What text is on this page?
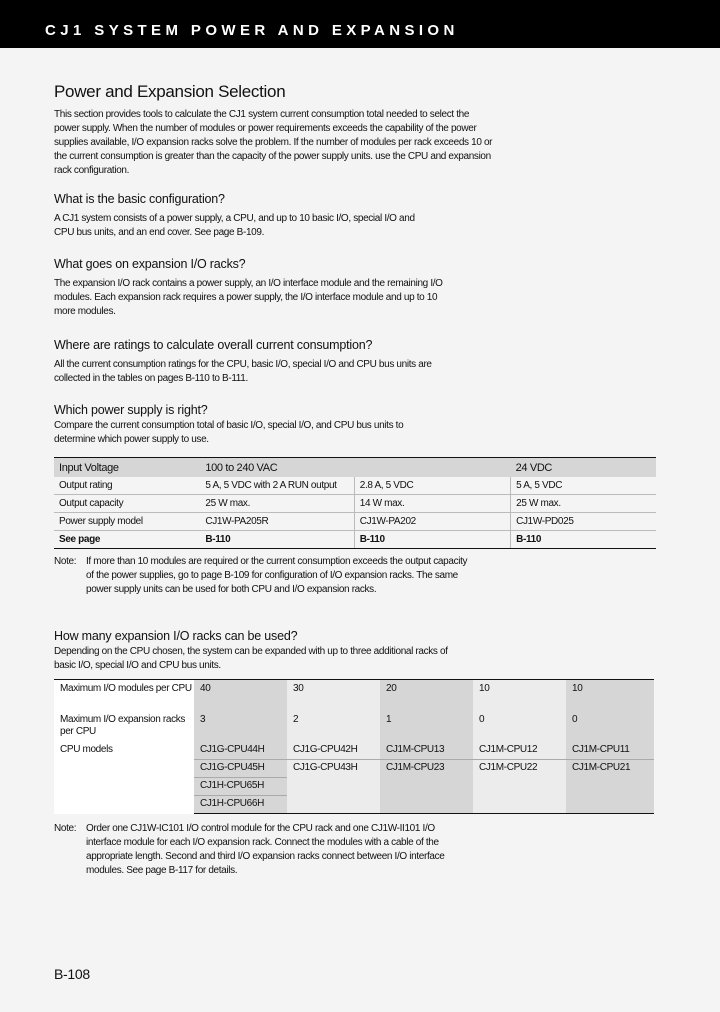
CJ1 SYSTEM POWER AND EXPANSION
Power and Expansion Selection

This section provides tools to calculate the CJ1 system current consumption total needed to select the power supply. When the number of modules or power requirements exceeds the capability of the power supplies available, I/O expansion racks solve the problem. If the number of modules per rack exceeds 10 or the current consumption is greater than the capacity of the power supply units. use the CPU and expansion rack configuration.

What is the basic configuration?

A CJ1 system consists of a power supply, a CPU, and up to 10 basic I/O, special I/O and CPU bus units, and an end cover. See page B-109.

What goes on expansion I/O racks?

The expansion I/O rack contains a power supply, an I/O interface module and the remaining I/O modules. Each expansion rack requires a power supply, the I/O interface module and up to 10 more modules.

Where are ratings to calculate overall current consumption?

All the current consumption ratings for the CPU, basic I/O, special I/O and CPU bus units are collected in the tables on pages B-110 to B-111.

Which power supply is right?

Compare the current consumption total of basic I/O, special I/O, and CPU bus units to determine which power supply to use.

Input Voltage	100 to 240 VAC		24 VDC
Output rating	5 A, 5 VDC with 2 A RUN output	2.8 A, 5 VDC	5 A, 5 VDC
Output capacity	25 W max.	14 W max.	25 W max.
Power supply model	CJ1W-PA205R	CJ1W-PA202	CJ1W-PD025
See page	B-110	B-110	B-110
Note: If more than 10 modules are required or the current consumption exceeds the output capacity of the power supplies, go to page B-109 for configuration of I/O expansion racks. The same power supply units can be used for both CPU and I/O expansion racks.

How many expansion I/O racks can be used?

Depending on the CPU chosen, the system can be expanded with up to three additional racks of basic I/O, special I/O and CPU bus units.

Maximum I/O modules per CPU	40	30	20	10	10
Maximum I/O expansion racks per CPU	3	2	1	0	0
CPU models	CJ1G-CPU44H	CJ1G-CPU42H	CJ1M-CPU13	CJ1M-CPU12	CJ1M-CPU11
	CJ1G-CPU45H	CJ1G-CPU43H	CJ1M-CPU23	CJ1M-CPU22	CJ1M-CPU21
	CJ1H-CPU65H				
	CJ1H-CPU66H				
Note: Order one CJ1W-IC101 I/O control module for the CPU rack and one CJ1W-II101 I/O interface module for each I/O expansion rack. Connect the modules with a cable of the appropriate length. Second and third I/O expansion racks connect between I/O interface modules. See page B-117 for details.

B-108
